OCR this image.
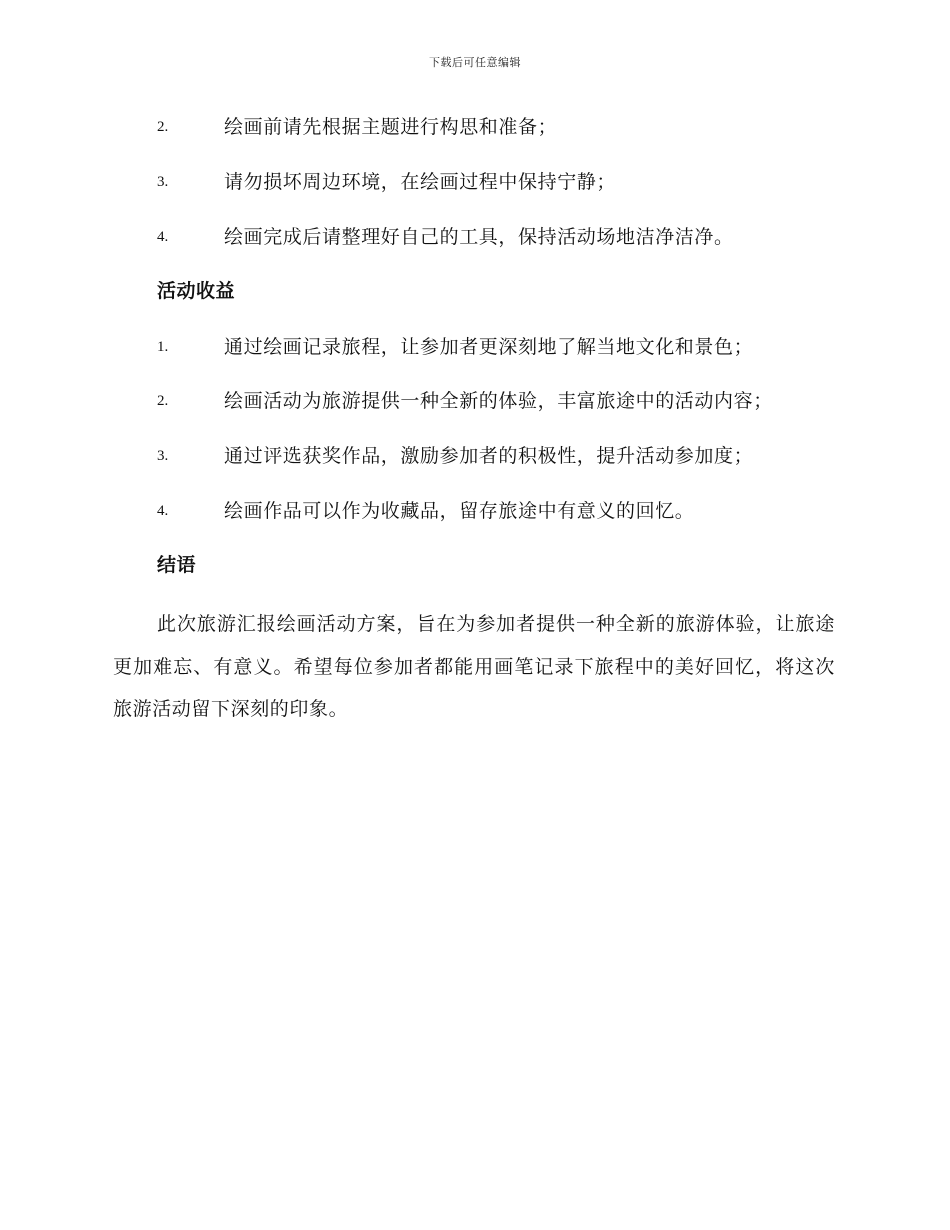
下载后可任意编辑
2.	绘画前请先根据主题进行构思和准备；
3.	请勿损坏周边环境，在绘画过程中保持宁静；
4.	绘画完成后请整理好自己的工具，保持活动场地洁净洁净。
活动收益
1.	通过绘画记录旅程，让参加者更深刻地了解当地文化和景色；
2.	绘画活动为旅游提供一种全新的体验，丰富旅途中的活动内容；
3.	通过评选获奖作品，激励参加者的积极性，提升活动参加度；
4.	绘画作品可以作为收藏品，留存旅途中有意义的回忆。
结语

此次旅游汇报绘画活动方案，旨在为参加者提供一种全新的旅游体验，让旅途更加难忘、有意义。希望每位参加者都能用画笔记录下旅程中的美好回忆，将这次旅游活动留下深刻的印象。
